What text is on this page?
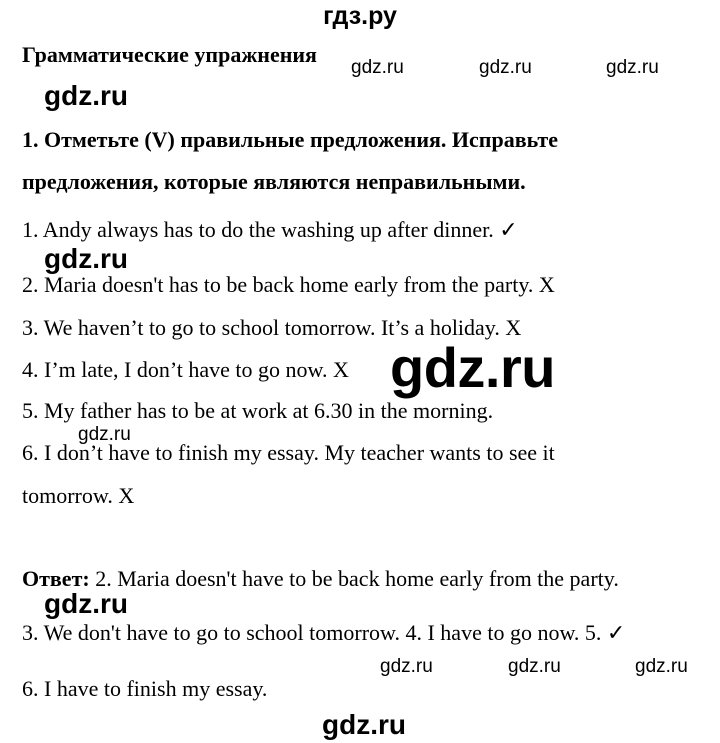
гдз.ру
Грамматические упражнения
1. Отметьте (V) правильные предложения. Исправьте
предложения, которые являются неправильными.
1. Andy always has to do the washing up after dinner. ✓
2. Maria doesn't has to be back home early from the party. X
3. We haven’t to go to school tomorrow. It’s a holiday. X
4. I’m late, I don’t have to go now. X
5. My father has to be at work at 6.30 in the morning.
6. I don’t have to finish my essay. My teacher wants to see it
tomorrow. X
Ответ: 2. Maria doesn't have to be back home early from the party.
3. We don't have to go to school tomorrow. 4. I have to go now. 5. ✓
6. I have to finish my essay.
gdz.ru	gdz.ru	gdz.ru
gdz.ru
gdz.ru
gdz.ru
gdz.ru
gdz.ru
gdz.ru	gdz.ru	gdz.ru
gdz.ru
